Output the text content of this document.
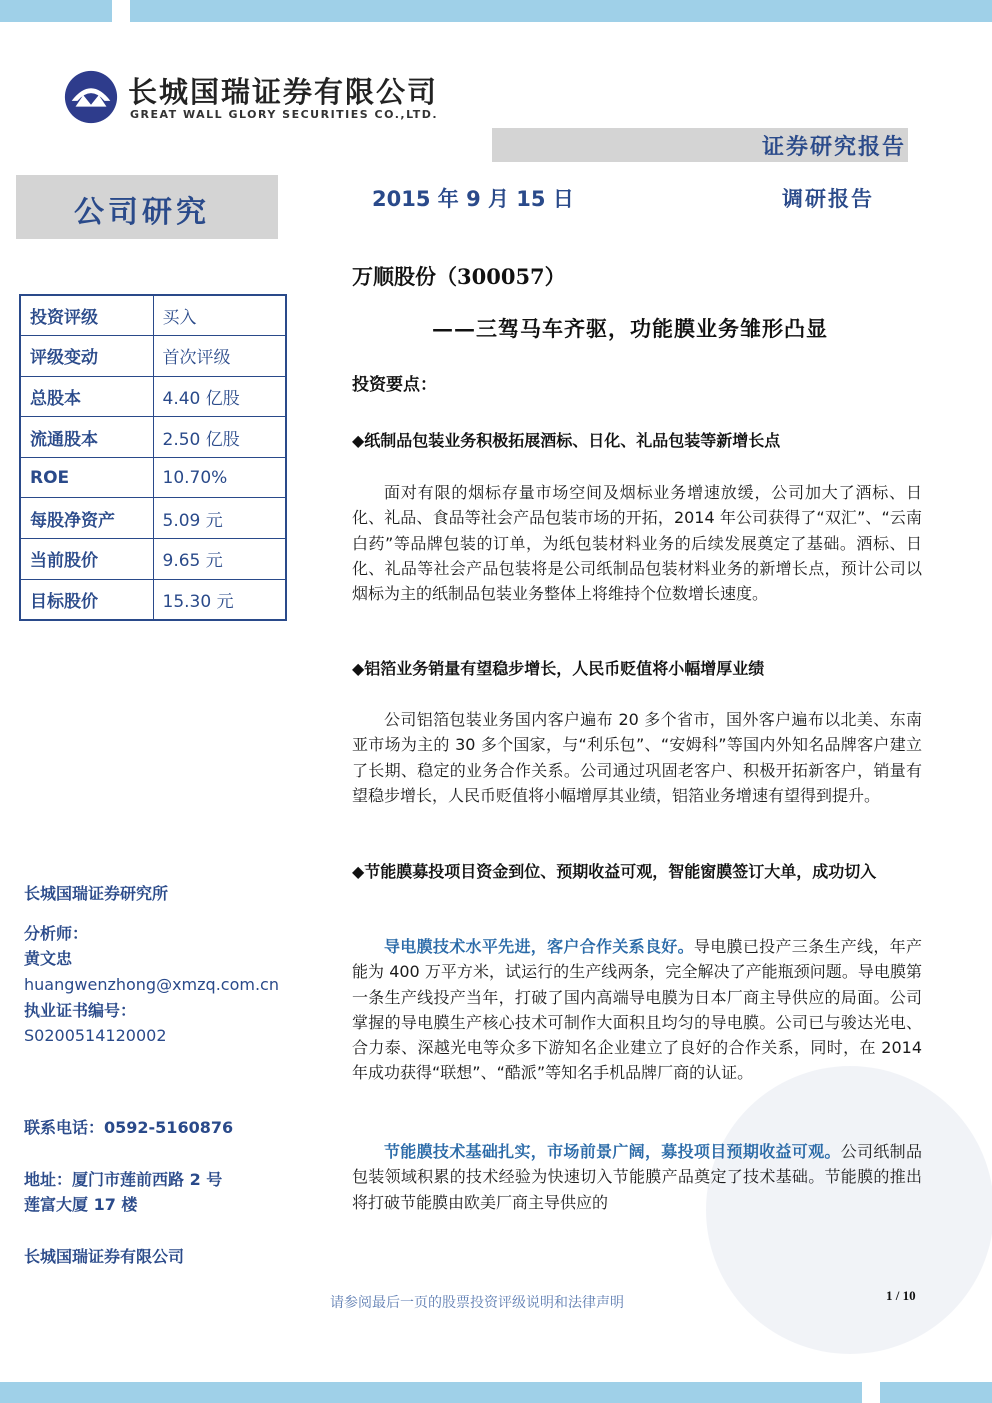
长城国瑞证券有限公司
GREAT WALL GLORY SECURITIES CO.,LTD.
证券研究报告
公司研究	2015 年 9 月 15 日	调研报告
投资评级	买入
评级变动	首次评级
总股本	4.40 亿股
流通股本	2.50 亿股
ROE	10.70%
每股净资产	5.09 元
当前股价	9.65 元
目标股价	15.30 元
万顺股份（300057）
——三驾马车齐驱，功能膜业务雏形凸显
投资要点：
◆纸制品包装业务积极拓展酒标、日化、礼品包装等新增长点
面对有限的烟标存量市场空间及烟标业务增速放缓，公司加大了酒标、日化、礼品、食品等社会产品包装市场的开拓，2014 年公司获得了“双汇”、“云南白药”等品牌包装的订单，为纸包装材料业务的后续发展奠定了基础。酒标、日化、礼品等社会产品包装将是公司纸制品包装材料业务的新增长点，预计公司以烟标为主的纸制品包装业务整体上将维持个位数增长速度。
◆铝箔业务销量有望稳步增长，人民币贬值将小幅增厚业绩
公司铝箔包装业务国内客户遍布 20 多个省市，国外客户遍布以北美、东南亚市场为主的 30 多个国家，与“利乐包”、“安姆科”等国内外知名品牌客户建立了长期、稳定的业务合作关系。公司通过巩固老客户、积极开拓新客户，销量有望稳步增长，人民币贬值将小幅增厚其业绩，铝箔业务增速有望得到提升。
◆节能膜募投项目资金到位、预期收益可观，智能窗膜签订大单，成功切入
导电膜技术水平先进，客户合作关系良好。导电膜已投产三条生产线，年产能为 400 万平方米，试运行的生产线两条，完全解决了产能瓶颈问题。导电膜第一条生产线投产当年，打破了国内高端导电膜为日本厂商主导供应的局面。公司掌握的导电膜生产核心技术可制作大面积且均匀的导电膜。公司已与骏达光电、合力泰、深越光电等众多下游知名企业建立了良好的合作关系，同时，在 2014 年成功获得“联想”、“酷派”等知名手机品牌厂商的认证。
节能膜技术基础扎实，市场前景广阔，募投项目预期收益可观。公司纸制品包装领域积累的技术经验为快速切入节能膜产品奠定了技术基础。节能膜的推出将打破节能膜由欧美厂商主导供应的
长城国瑞证券研究所
分析师：
黄文忠
huangwenzhong@xmzq.com.cn
执业证书编号：
S0200514120002
联系电话：0592-5160876
地址：厦门市莲前西路 2 号
莲富大厦 17 楼
长城国瑞证券有限公司
请参阅最后一页的股票投资评级说明和法律声明	1 / 10
